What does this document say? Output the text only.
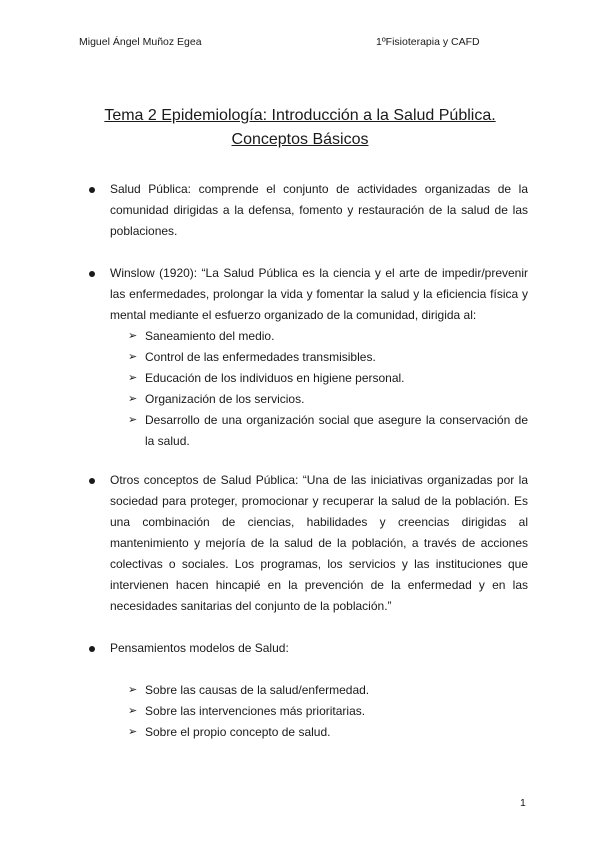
Miguel Ángel Muñoz Egea	1ºFisioterapia y CAFD
Tema 2 Epidemiología: Introducción a la Salud Pública.
Conceptos Básicos
Salud Pública: comprende el conjunto de actividades organizadas de la comunidad dirigidas a la defensa, fomento y restauración de la salud de las poblaciones.
Winslow (1920): “La Salud Pública es la ciencia y el arte de impedir/prevenir las enfermedades, prolongar la vida y fomentar la salud y la eficiencia física y mental mediante el esfuerzo organizado de la comunidad, dirigida al:
➢ Saneamiento del medio.
➢ Control de las enfermedades transmisibles.
➢ Educación de los individuos en higiene personal.
➢ Organización de los servicios.
➢ Desarrollo de una organización social que asegure la conservación de la salud.
Otros conceptos de Salud Pública: “Una de las iniciativas organizadas por la sociedad para proteger, promocionar y recuperar la salud de la población. Es una combinación de ciencias, habilidades y creencias dirigidas al mantenimiento y mejoría de la salud de la población, a través de acciones colectivas o sociales. Los programas, los servicios y las instituciones que intervienen hacen hincapié en la prevención de la enfermedad y en las necesidades sanitarias del conjunto de la población.”
Pensamientos modelos de Salud:
➢ Sobre las causas de la salud/enfermedad.
➢ Sobre las intervenciones más prioritarias.
➢ Sobre el propio concepto de salud.
1
